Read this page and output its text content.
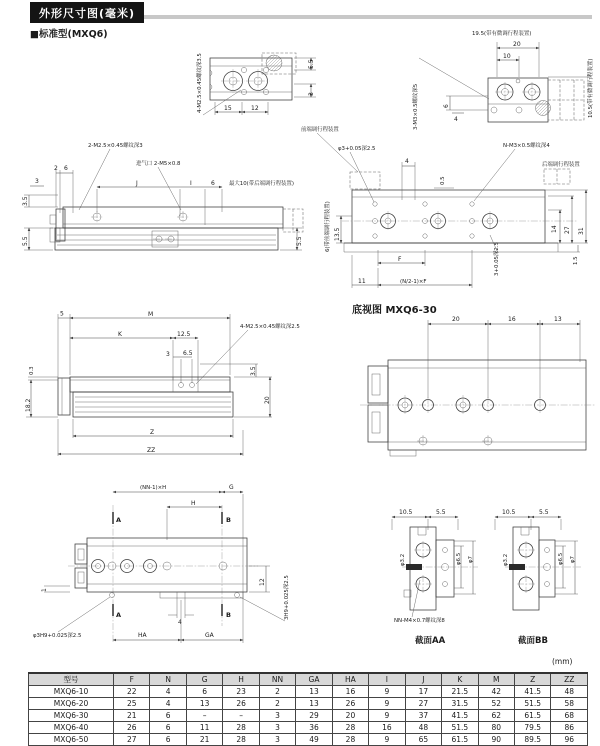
外形尺寸图(毫米)
■标准型(MXQ6)
15	12
5.5
3
4-M2.5×0.45螺纹深3.5
19.5(带有微调行程装置)
20
10
3-M3×0.5螺纹深5	10.5(带有微调行程装置)
6
4
2-M2.5×0.45螺纹深3
进气口 2-M5×0.8
2 6
3
3.5
5.5	5.5
J	I	6	最大10(带后端调行程装置)
6(带前端调行程装置)
前端调行程装置
后端调行程装置
φ3+0.05深2.5	N-M3×0.5螺纹深4
4
0.5
14 27 31
1.5
13.5
3+0.05深2.5
F
11	(N/2-1)×F
底视图 MXQ6-30
5	M
K	12.5
3 6.5
4-M2.5×0.45螺纹深2.5
0.3
18.2
3.5
20
Z
ZZ
20	16	13
(NN-1)×H	G
H
A
A
B
B
1
12	3H9+0.025深2.5
φ3H9+0.025深2.5
4
HA	GA
10.5	5.5
φ3.2	φ6.5 φ7
NN-M4×0.7螺纹深8
截面AA
10.5	5.5
φ3.2	φ6.5 φ7
截面BB
(mm)
型号	F	N	G	H	NN	GA	HA	I	J	K	M	Z	ZZ
MXQ6-10	22	4	6	23	2	13	16	9	17	21.5	42	41.5	48
MXQ6-20	25	4	13	26	2	13	26	9	27	31.5	52	51.5	58
MXQ6-30	21	6	–	–	3	29	20	9	37	41.5	62	61.5	68
MXQ6-40	26	6	11	28	3	36	28	16	48	51.5	80	79.5	86
MXQ6-50	27	6	21	28	3	49	28	9	65	61.5	90	89.5	96
